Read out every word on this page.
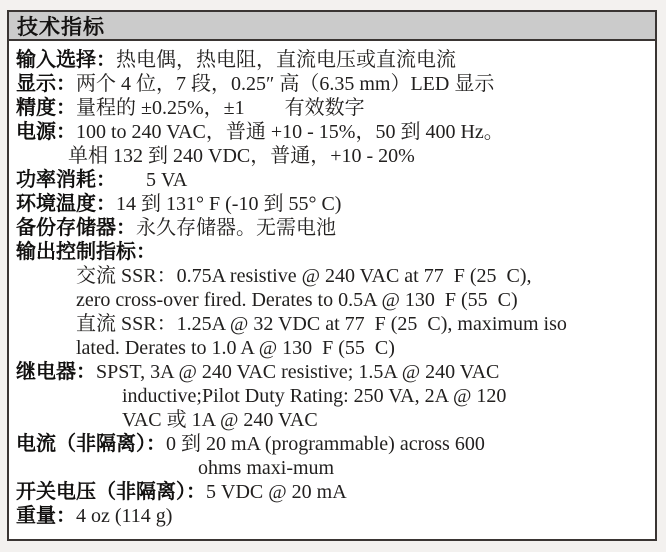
技术指标
输入选择：热电偶，热电阻，直流电压或直流电流
显示：两个 4 位，7 段，0.25″ 高（6.35 mm）LED 显示
精度：量程的 ±0.25%，±1        有效数字
电源：100 to 240 VAC，普通 +10 - 15%，50 到 400 Hz。
单相 132 到 240 VDC，普通，+10 - 20%
功率消耗：      5 VA
环境温度：14 到 131° F (-10 到 55° C)
备份存储器：永久存储器。无需电池
输出控制指标：
交流 SSR：0.75A resistive @ 240 VAC at 77  F (25  C),
zero cross-over fired. Derates to 0.5A @ 130  F (55  C)
直流 SSR：1.25A @ 32 VDC at 77  F (25  C), maximum iso
lated. Derates to 1.0 A @ 130  F (55  C)
继电器：SPST, 3A @ 240 VAC resistive; 1.5A @ 240 VAC
inductive;Pilot Duty Rating: 250 VA, 2A @ 120
VAC 或 1A @ 240 VAC
电流（非隔离）：0 到 20 mA (programmable) across 600
ohms maxi-mum
开关电压（非隔离）：5 VDC @ 20 mA
重量：4 oz (114 g)
